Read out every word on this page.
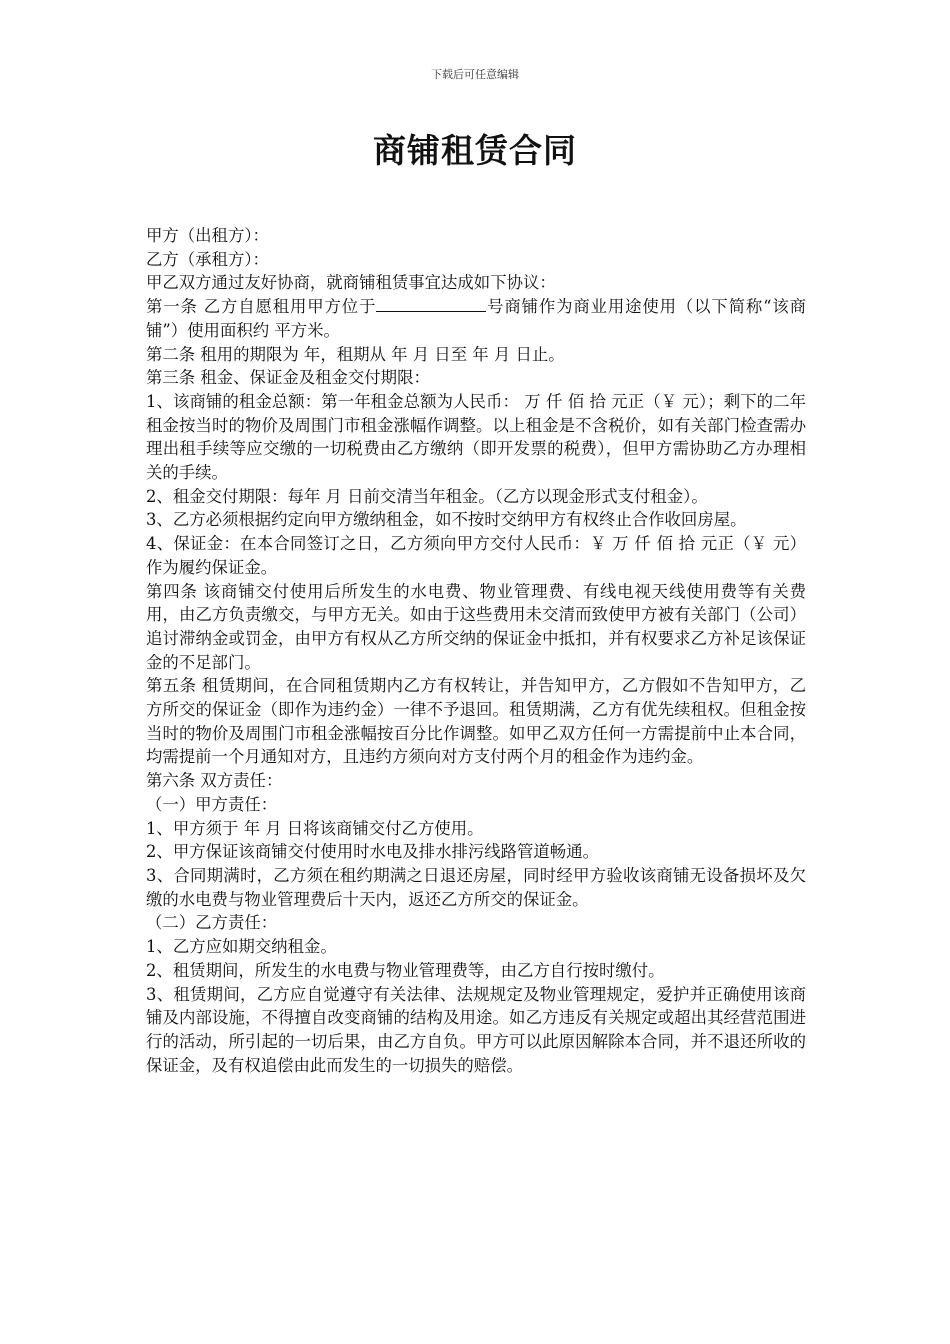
下载后可任意编辑
商铺租赁合同

甲方（出租方）：

乙方（承租方）：

甲乙双方通过友好协商，就商铺租赁事宜达成如下协议：

第一条 乙方自愿租用甲方位于	号商铺作为商业用途使用（以下简称“该商铺”）使用面积约 平方米。

第二条 租用的期限为 年，租期从 年 月 日至 年 月 日止。

第三条 租金、保证金及租金交付期限：

1、该商铺的租金总额：第一年租金总额为人民币： 万 仟 佰 拾 元正（￥ 元）；剩下的二年租金按当时的物价及周围门市租金涨幅作调整。以上租金是不含税价，如有关部门检查需办理出租手续等应交缴的一切税费由乙方缴纳（即开发票的税费），但甲方需协助乙方办理相关的手续。

2、租金交付期限：每年 月 日前交清当年租金。（乙方以现金形式支付租金）。

3、乙方必须根据约定向甲方缴纳租金，如不按时交纳甲方有权终止合作收回房屋。

4、保证金：在本合同签订之日，乙方须向甲方交付人民币：￥ 万 仟 佰 拾 元正（￥ 元）作为履约保证金。

第四条 该商铺交付使用后所发生的水电费、物业管理费、有线电视天线使用费等有关费用，由乙方负责缴交，与甲方无关。如由于这些费用未交清而致使甲方被有关部门（公司）追讨滞纳金或罚金，由甲方有权从乙方所交纳的保证金中抵扣，并有权要求乙方补足该保证金的不足部门。

第五条 租赁期间，在合同租赁期内乙方有权转让，并告知甲方，乙方假如不告知甲方，乙方所交的保证金（即作为违约金）一律不予退回。租赁期满，乙方有优先续租权。但租金按当时的物价及周围门市租金涨幅按百分比作调整。如甲乙双方任何一方需提前中止本合同，均需提前一个月通知对方，且违约方须向对方支付两个月的租金作为违约金。

第六条 双方责任：

（一）甲方责任：

1、甲方须于 年 月 日将该商铺交付乙方使用。

2、甲方保证该商铺交付使用时水电及排水排污线路管道畅通。

3、合同期满时，乙方须在租约期满之日退还房屋，同时经甲方验收该商铺无设备损坏及欠缴的水电费与物业管理费后十天内，返还乙方所交的保证金。

（二）乙方责任：

1、乙方应如期交纳租金。

2、租赁期间，所发生的水电费与物业管理费等，由乙方自行按时缴付。

3、租赁期间，乙方应自觉遵守有关法律、法规规定及物业管理规定，爱护并正确使用该商铺及内部设施，不得擅自改变商铺的结构及用途。如乙方违反有关规定或超出其经营范围进行的活动，所引起的一切后果，由乙方自负。甲方可以此原因解除本合同，并不退还所收的保证金，及有权追偿由此而发生的一切损失的赔偿。
